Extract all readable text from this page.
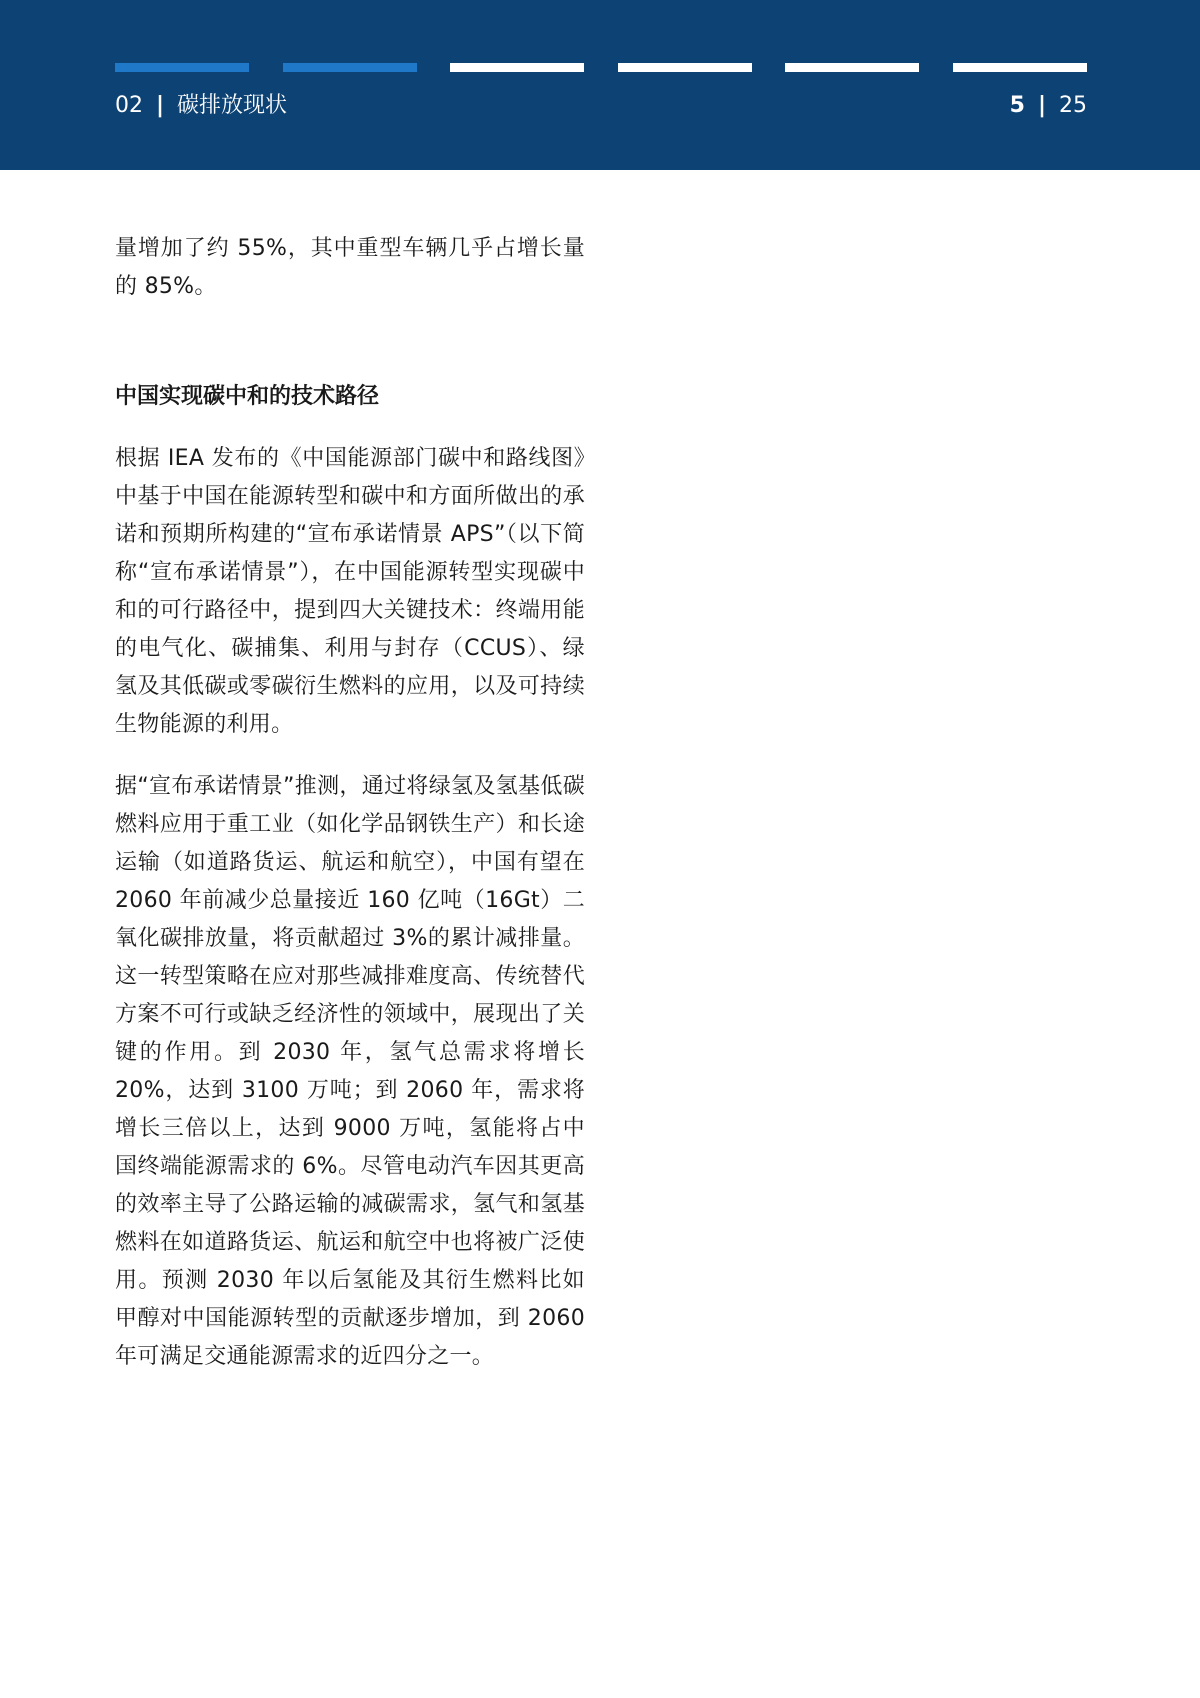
02 | 碳排放现状	5 | 25

量增加了约 55%，其中重型车辆几乎占增长量的 85%。

中国实现碳中和的技术路径

根据 IEA 发布的《中国能源部门碳中和路线图》中基于中国在能源转型和碳中和方面所做出的承诺和预期所构建的“宣布承诺情景 APS”（以下简称“宣布承诺情景”），在中国能源转型实现碳中和的可行路径中，提到四大关键技术：终端用能的电气化、碳捕集、利用与封存（CCUS）、绿氢及其低碳或零碳衍生燃料的应用，以及可持续生物能源的利用。

据“宣布承诺情景”推测，通过将绿氢及氢基低碳燃料应用于重工业（如化学品钢铁生产）和长途运输（如道路货运、航运和航空），中国有望在 2060 年前减少总量接近 160 亿吨（16Gt）二氧化碳排放量，将贡献超过 3%的累计减排量。这一转型策略在应对那些减排难度高、传统替代方案不可行或缺乏经济性的领域中，展现出了关键的作用。到 2030 年，氢气总需求将增长 20%，达到 3100 万吨；到 2060 年，需求将增长三倍以上，达到 9000 万吨，氢能将占中国终端能源需求的 6%。尽管电动汽车因其更高的效率主导了公路运输的减碳需求，氢气和氢基燃料在如道路货运、航运和航空中也将被广泛使用。预测 2030 年以后氢能及其衍生燃料比如甲醇对中国能源转型的贡献逐步增加，到 2060 年可满足交通能源需求的近四分之一。
